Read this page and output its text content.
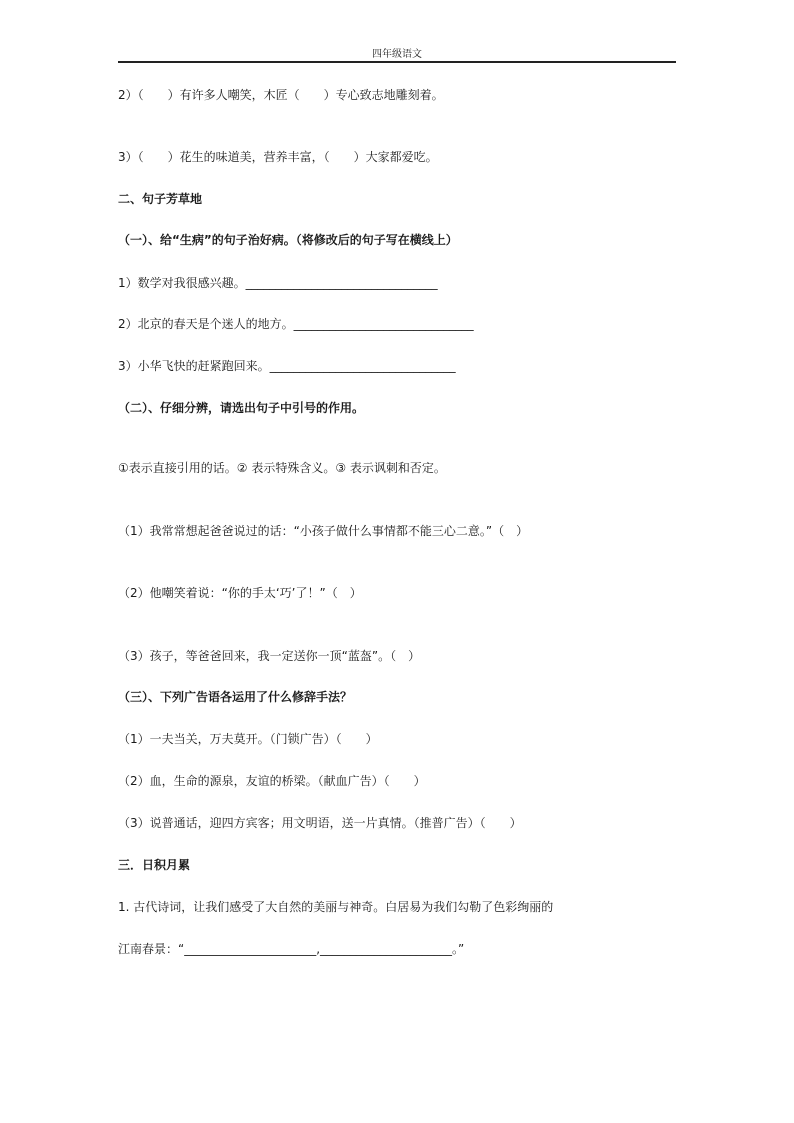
四年级语文
2）（　　）有许多人嘲笑，木匠（　　）专心致志地雕刻着。
3）（　　）花生的味道美，营养丰富，（　　）大家都爱吃。
二、句子芳草地
（一）、给“生病”的句子治好病。（将修改后的句子写在横线上）
1）数学对我很感兴趣。________________________________
2）北京的春天是个迷人的地方。______________________________
3）小华飞快的赶紧跑回来。_______________________________
（二）、仔细分辨，请选出句子中引号的作用。
①表示直接引用的话。② 表示特殊含义。③ 表示讽刺和否定。
（1）我常常想起爸爸说过的话：“小孩子做什么事情都不能三心二意。”（　）
（2）他嘲笑着说：“你的手太‘巧’了！”（　）
（3）孩子，等爸爸回来，我一定送你一顶“蓝盔”。（　）
（三）、下列广告语各运用了什么修辞手法？
（1）一夫当关，万夫莫开。（门锁广告）（　　）
（2）血，生命的源泉，友谊的桥梁。（献血广告）（　　）
（3）说普通话，迎四方宾客；用文明语，送一片真情。（推普广告）（　　）
三．日积月累
1. 古代诗词，让我们感受了大自然的美丽与神奇。白居易为我们勾勒了色彩绚丽的
江南春景：“______________________,______________________。”
